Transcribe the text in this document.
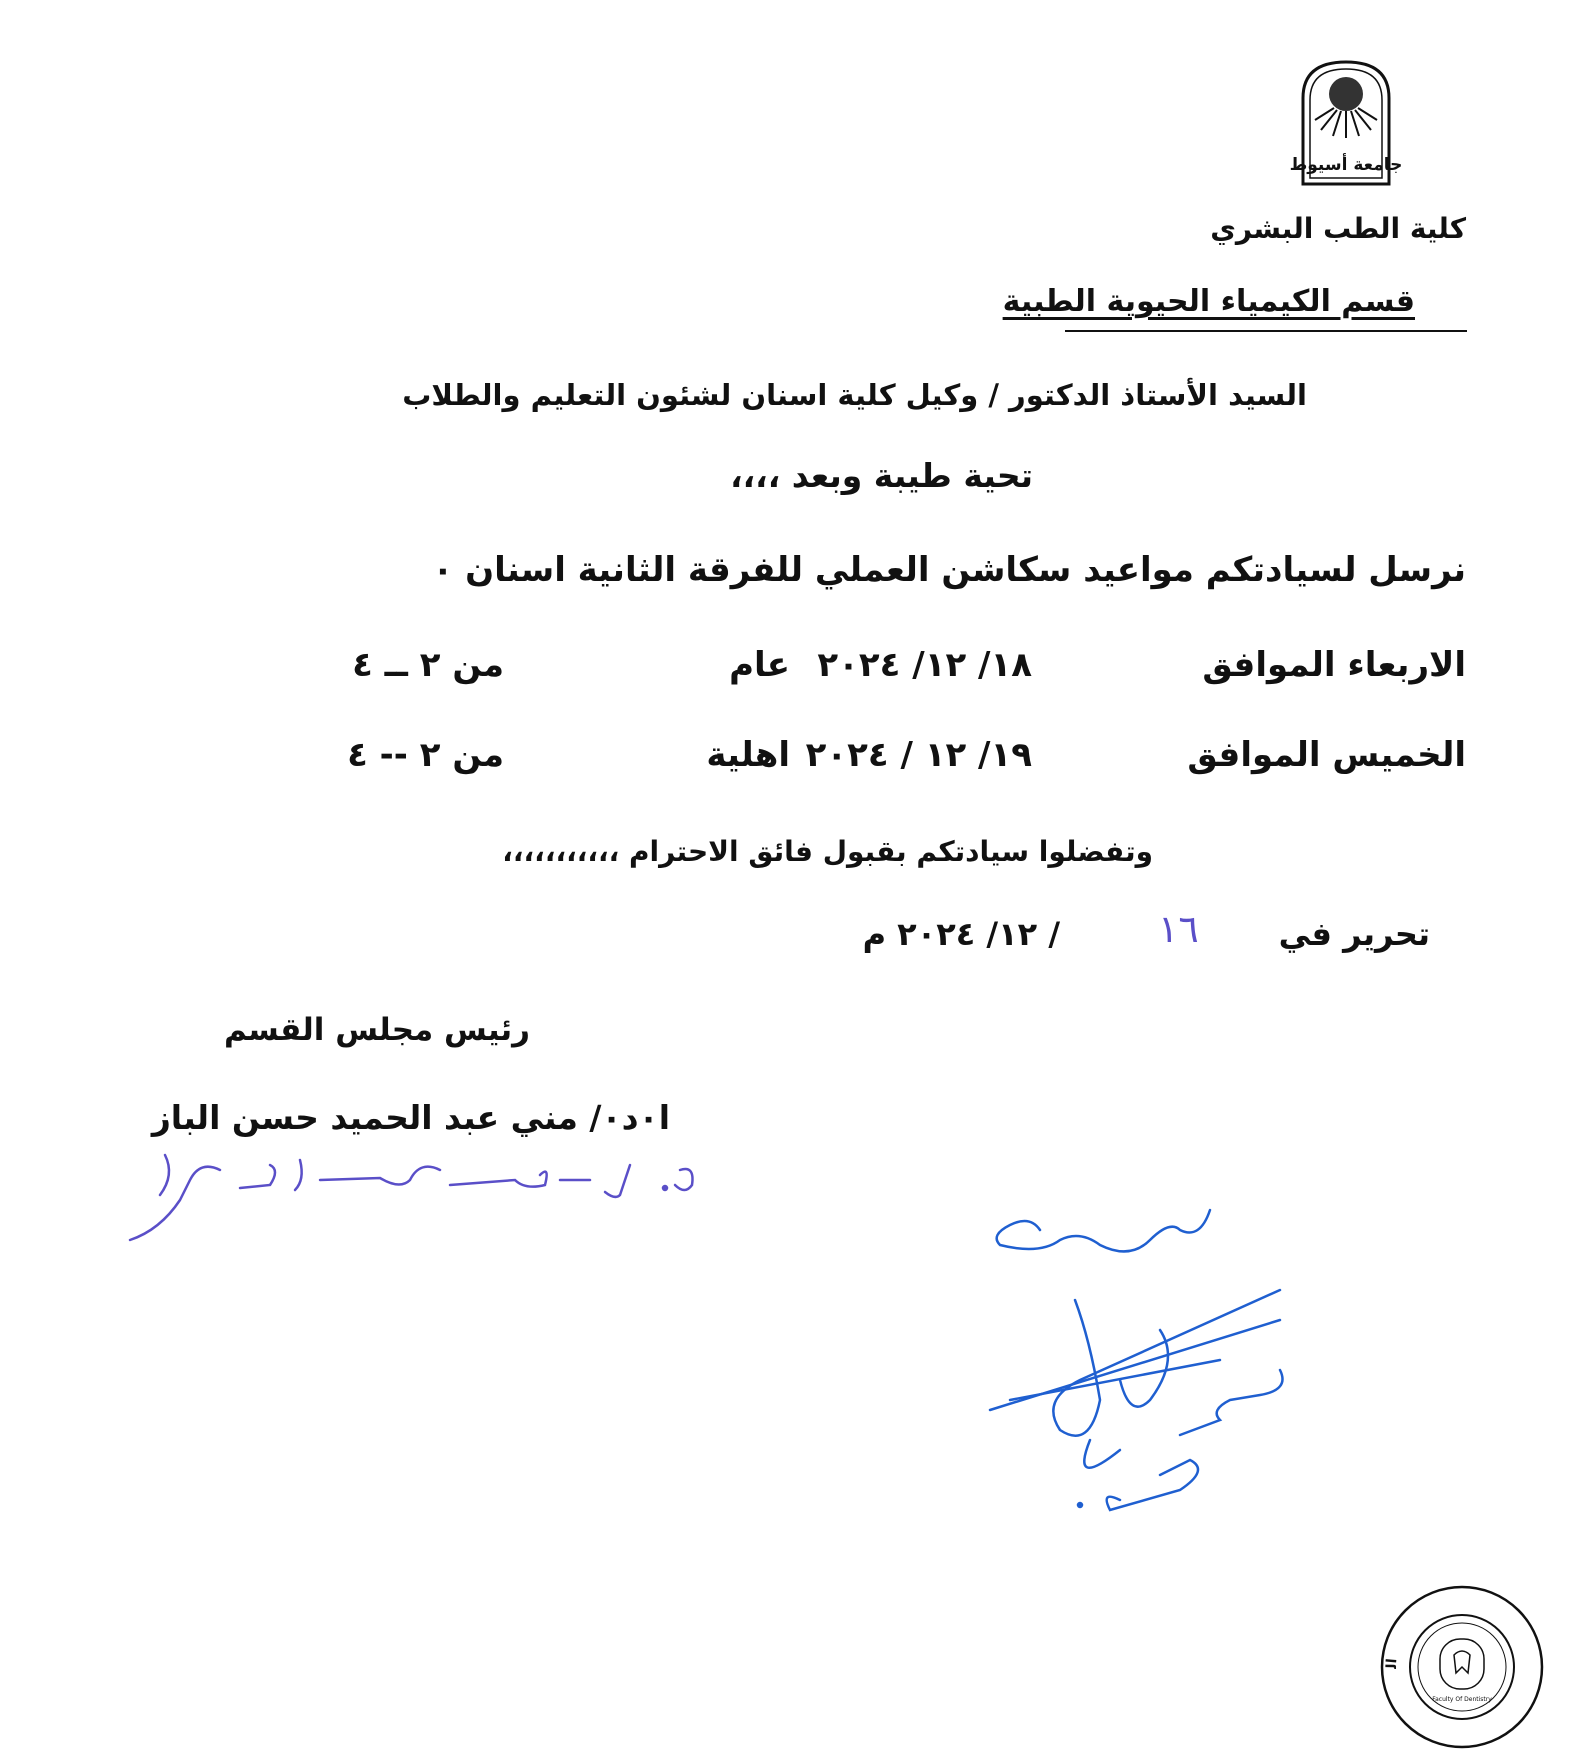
جامعة أسيوط
كلية الطب البشري
قسم الكيمياء الحيوية الطبية
السيد الأستاذ الدكتور / وكيل كلية اسنان لشئون التعليم والطلاب
تحية طيبة وبعد ،،،،
نرسل لسيادتكم مواعيد سكاشن العملي للفرقة الثانية اسنان ٠
الاربعاء الموافق
١٨/ ١٢/ ٢٠٢٤
عام
من ٢ ــ ٤
الخميس الموافق
١٩/ ١٢ / ٢٠٢٤
اهلية
من ٢ -- ٤
وتفضلوا سيادتكم بقبول فائق الاحترام ،،،،،،،،،،،
تحرير في
١٦
/ ١٢/ ٢٠٢٤ م
رئيس مجلس القسم
ا٠د٠/ مني عبد الحميد حسن الباز
ال
Faculty Of Dentistry
